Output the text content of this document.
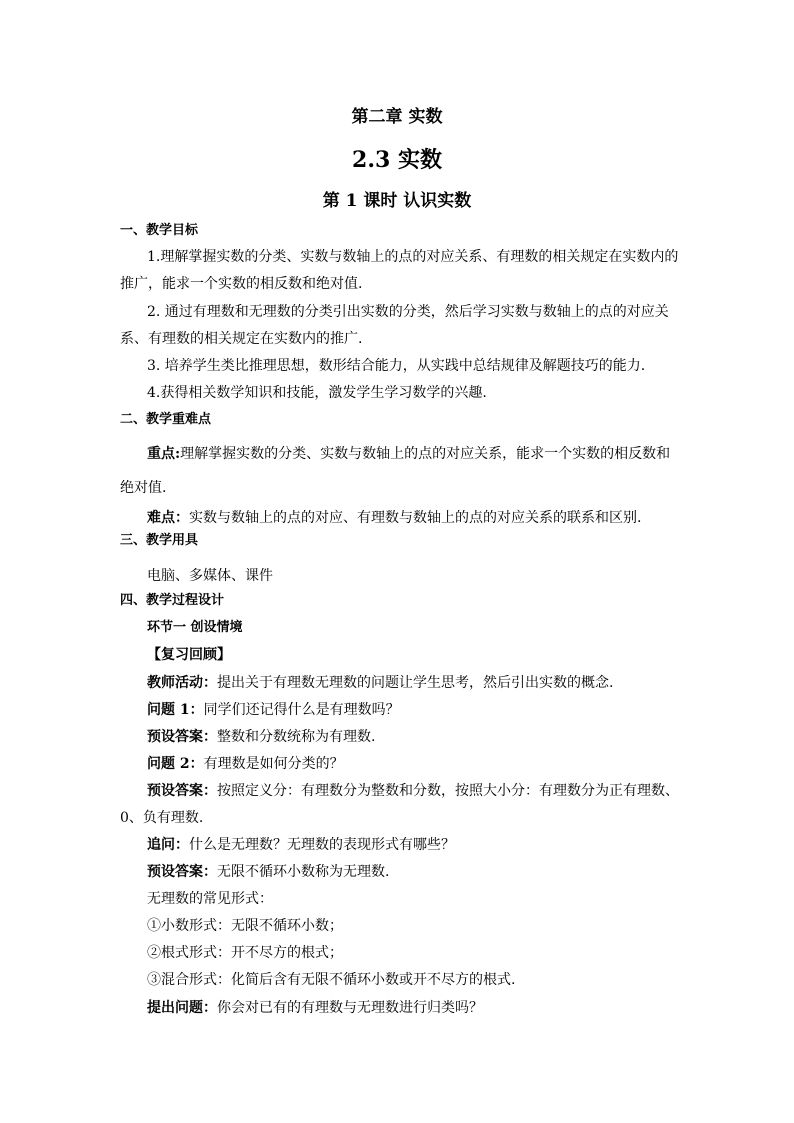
第二章 实数
2.3 实数
第 1 课时 认识实数
一、教学目标
1.理解掌握实数的分类、实数与数轴上的点的对应关系、有理数的相关规定在实数内的
推广，能求一个实数的相反数和绝对值.
2. 通过有理数和无理数的分类引出实数的分类，然后学习实数与数轴上的点的对应关
系、有理数的相关规定在实数内的推广.
3. 培养学生类比推理思想，数形结合能力，从实践中总结规律及解题技巧的能力.
4.获得相关数学知识和技能，激发学生学习数学的兴趣.
二、教学重难点
重点:理解掌握实数的分类、实数与数轴上的点的对应关系，能求一个实数的相反数和
绝对值.
难点：实数与数轴上的点的对应、有理数与数轴上的点的对应关系的联系和区别.
三、教学用具
电脑、多媒体、课件
四、教学过程设计
环节一 创设情境
【复习回顾】
教师活动：提出关于有理数无理数的问题让学生思考，然后引出实数的概念.
问题 1：同学们还记得什么是有理数吗？
预设答案：整数和分数统称为有理数.
问题 2：有理数是如何分类的？
预设答案：按照定义分：有理数分为整数和分数，按照大小分：有理数分为正有理数、
0、负有理数.
追问：什么是无理数？无理数的表现形式有哪些？
预设答案：无限不循环小数称为无理数.
无理数的常见形式：
①小数形式：无限不循环小数；
②根式形式：开不尽方的根式；
③混合形式：化简后含有无限不循环小数或开不尽方的根式.
提出问题：你会对已有的有理数与无理数进行归类吗？
